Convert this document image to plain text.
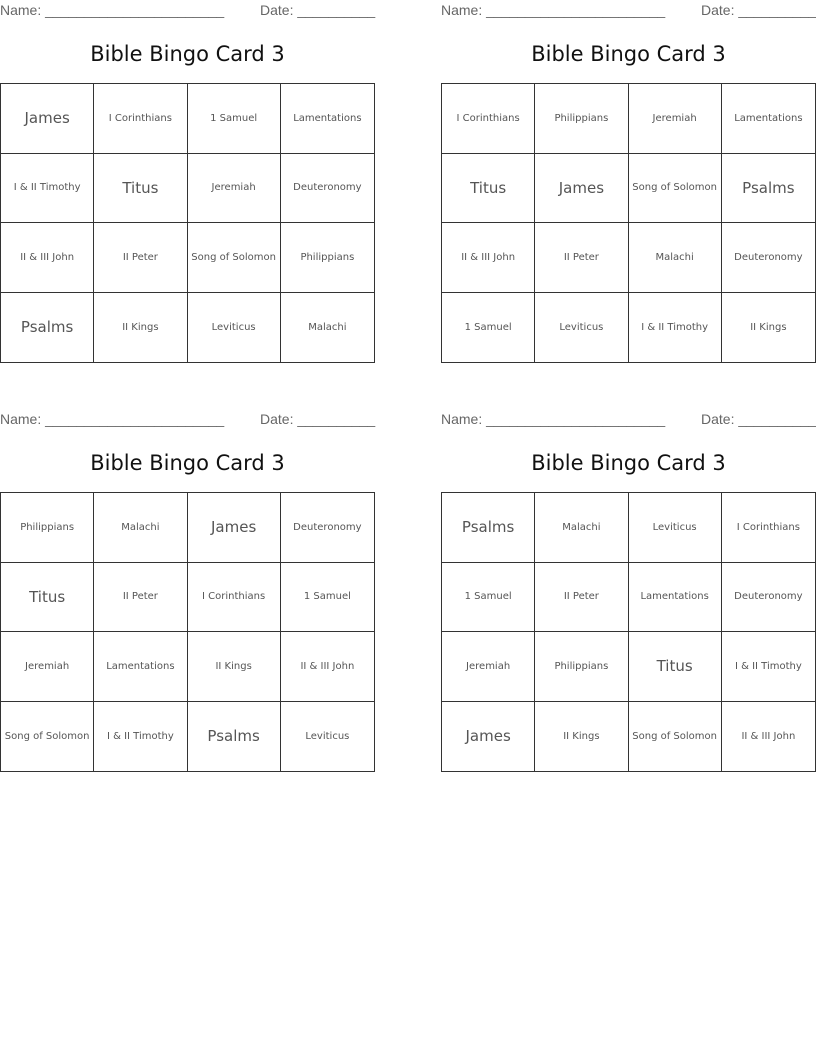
Name: _______________________	Date: __________
Bible Bingo Card 3
James	I Corinthians	1 Samuel	Lamentations
I & II Timothy	Titus	Jeremiah	Deuteronomy
II & III John	II Peter	Song of Solomon	Philippians
Psalms	II Kings	Leviticus	Malachi
Name: _______________________	Date: __________
Bible Bingo Card 3
I Corinthians	Philippians	Jeremiah	Lamentations
Titus	James	Song of Solomon	Psalms
II & III John	II Peter	Malachi	Deuteronomy
1 Samuel	Leviticus	I & II Timothy	II Kings
Name: _______________________	Date: __________
Bible Bingo Card 3
Philippians	Malachi	James	Deuteronomy
Titus	II Peter	I Corinthians	1 Samuel
Jeremiah	Lamentations	II Kings	II & III John
Song of Solomon	I & II Timothy	Psalms	Leviticus
Name: _______________________	Date: __________
Bible Bingo Card 3
Psalms	Malachi	Leviticus	I Corinthians
1 Samuel	II Peter	Lamentations	Deuteronomy
Jeremiah	Philippians	Titus	I & II Timothy
James	II Kings	Song of Solomon	II & III John
